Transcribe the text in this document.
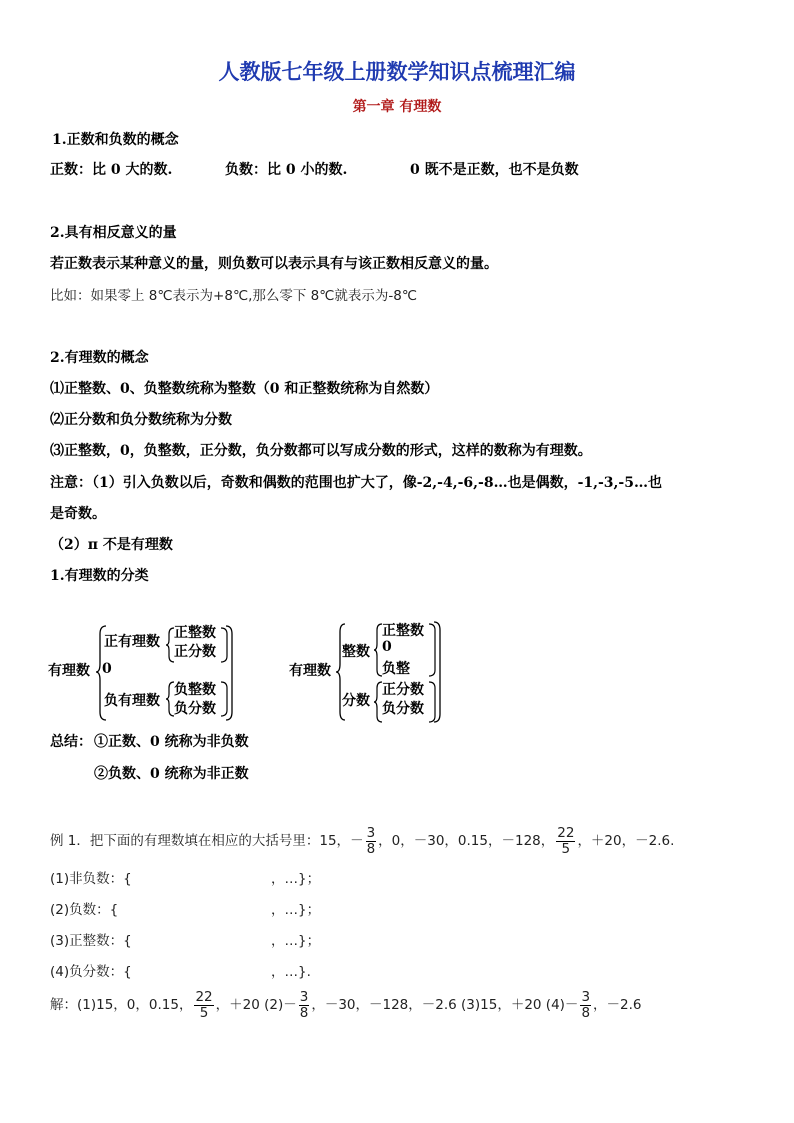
人教版七年级上册数学知识点梳理汇编
第一章 有理数
1.正数和负数的概念
正数：比 0 大的数.	负数：比 0 小的数.	0 既不是正数，也不是负数
2.具有相反意义的量
若正数表示某种意义的量，则负数可以表示具有与该正数相反意义的量。
比如：如果零上 8℃表示为+8℃,那么零下 8℃就表示为-8℃
2.有理数的概念
⑴正整数、0、负整数统称为整数（0 和正整数统称为自然数）
⑵正分数和负分数统称为分数
⑶正整数，0，负整数，正分数，负分数都可以写成分数的形式，这样的数称为有理数。
注意：（1）引入负数以后，奇数和偶数的范围也扩大了，像-2,-4,-6,-8…也是偶数，-1,-3,-5…也
是奇数。
（2）π 不是有理数
1.有理数的分类
有理数
正有理数
正整数
正分数
0
负有理数
负整数
负分数
有理数
整数
正整数
0
负整
分数
正分数
负分数
总结： ①正数、0 统称为非负数
②负数、0 统称为非正数
例 1．把下面的有理数填在相应的大括号里：15，－ $\frac{3}{8}$ ，0，－30，0.15，－128， $\frac{22}{5}$ ，＋20，－2.6.
(1)非负数：{	，…}；
(2)负数：{	，…}；
(3)正整数：{	，…}；
(4)负分数：{	，…}.
解：(1)15，0，0.15， $\frac{22}{5}$ ，＋20 $(2)- \frac{3}{8}$ ，－30，－128，－2.6 (3)15，＋20 $(4)- \frac{3}{8}$ ，－2.6
